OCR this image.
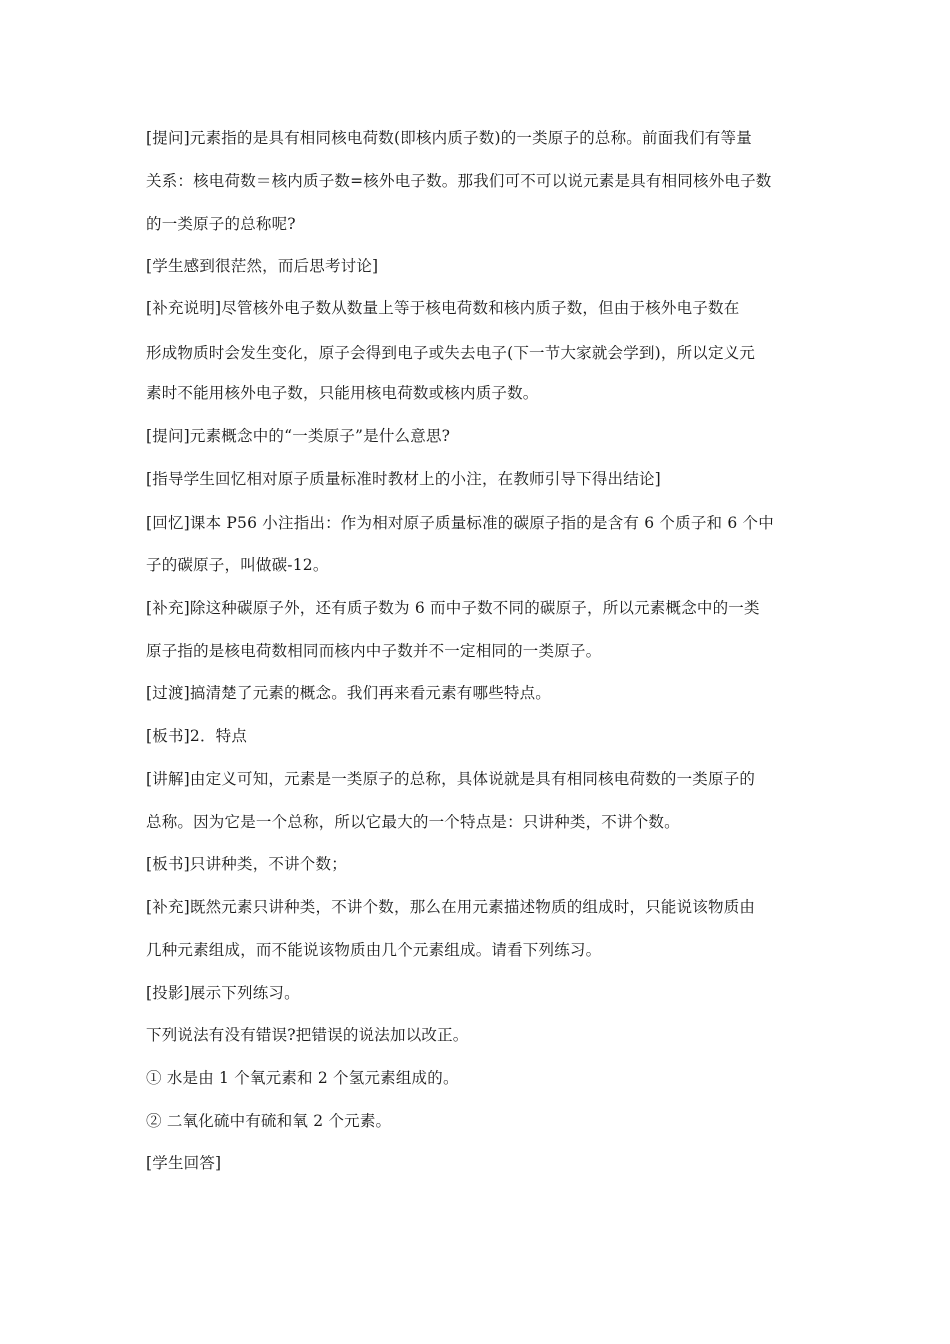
[提问]元素指的是具有相同核电荷数(即核内质子数)的一类原子的总称。前面我们有等量
关系：核电荷数＝核内质子数=核外电子数。那我们可不可以说元素是具有相同核外电子数
的一类原子的总称呢?
[学生感到很茫然，而后思考讨论]
[补充说明]尽管核外电子数从数量上等于核电荷数和核内质子数，但由于核外电子数在
形成物质时会发生变化，原子会得到电子或失去电子(下一节大家就会学到)，所以定义元
素时不能用核外电子数，只能用核电荷数或核内质子数。
[提问]元素概念中的“一类原子”是什么意思?
[指导学生回忆相对原子质量标准时教材上的小注，在教师引导下得出结论]
[回忆]课本 P56 小注指出：作为相对原子质量标准的碳原子指的是含有 6 个质子和 6 个中
子的碳原子，叫做碳-12。
[补充]除这种碳原子外，还有质子数为 6 而中子数不同的碳原子，所以元素概念中的一类
原子指的是核电荷数相同而核内中子数并不一定相同的一类原子。
[过渡]搞清楚了元素的概念。我们再来看元素有哪些特点。
[板书]2．特点
[讲解]由定义可知，元素是一类原子的总称，具体说就是具有相同核电荷数的一类原子的
总称。因为它是一个总称，所以它最大的一个特点是：只讲种类，不讲个数。
[板书]只讲种类，不讲个数；
[补充]既然元素只讲种类，不讲个数，那么在用元素描述物质的组成时，只能说该物质由
几种元素组成，而不能说该物质由几个元素组成。请看下列练习。
[投影]展示下列练习。
下列说法有没有错误?把错误的说法加以改正。
① 水是由 1 个氧元素和 2 个氢元素组成的。
② 二氧化硫中有硫和氧 2 个元素。
[学生回答]
